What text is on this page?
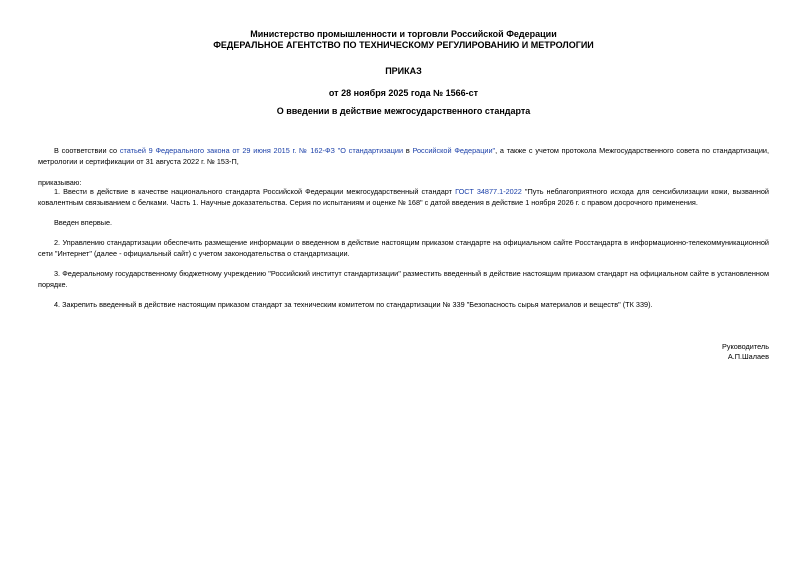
Министерство промышленности и торговли Российской Федерации
ФЕДЕРАЛЬНОЕ АГЕНТСТВО ПО ТЕХНИЧЕСКОМУ РЕГУЛИРОВАНИЮ И МЕТРОЛОГИИ
ПРИКАЗ
от 28 ноября 2025 года № 1566-ст
О введении в действие межгосударственного стандарта
В соответствии со статьей 9 Федерального закона от 29 июня 2015 г. № 162-ФЗ "О стандартизации в Российской Федерации", а также с учетом протокола Межгосударственного совета по стандартизации, метрологии и сертификации от 31 августа 2022 г. № 153-П,
приказываю:
1. Ввести в действие в качестве национального стандарта Российской Федерации межгосударственный стандарт ГОСТ 34877.1-2022 "Путь неблагоприятного исхода для сенсибилизации кожи, вызванной ковалентным связыванием с белками. Часть 1. Научные доказательства. Серия по испытаниям и оценке № 168" с датой введения в действие 1 ноября 2026 г. с правом досрочного применения.
Введен впервые.
2. Управлению стандартизации обеспечить размещение информации о введенном в действие настоящим приказом стандарте на официальном сайте Росстандарта в информационно-телекоммуникационной сети "Интернет" (далее - официальный сайт) с учетом законодательства о стандартизации.
3. Федеральному государственному бюджетному учреждению "Российский институт стандартизации" разместить введенный в действие настоящим приказом стандарт на официальном сайте в установленном порядке.
4. Закрепить введенный в действие настоящим приказом стандарт за техническим комитетом по стандартизации № 339 "Безопасность сырья материалов и веществ" (ТК 339).
Руководитель
А.П.Шалаев
